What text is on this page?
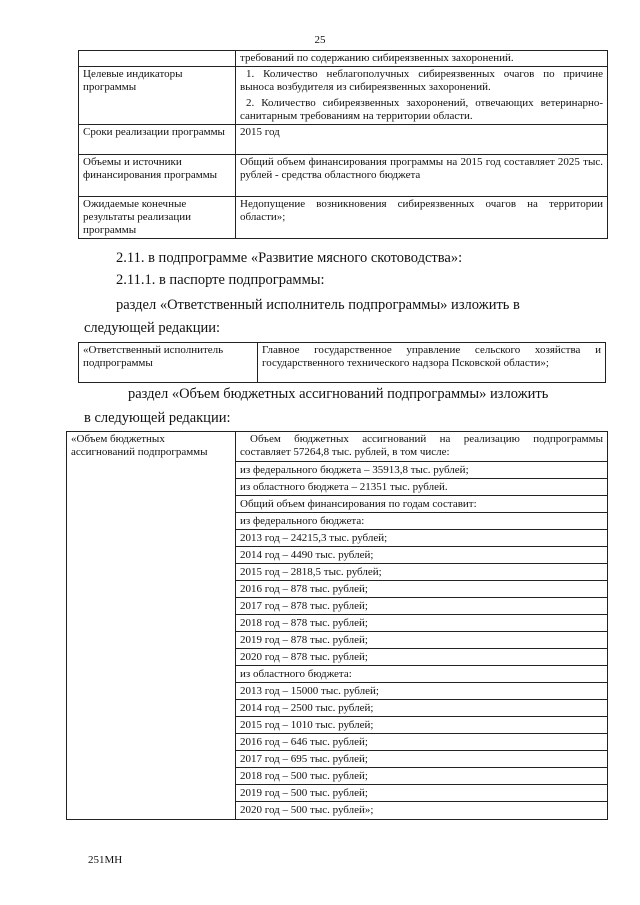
25
	требований по содержанию сибиреязвенных захоронений.
Целевые индикаторы программы	1. Количество неблагополучных сибиреязвенных очагов по причине выноса возбудителя из сибиреязвенных захоронений.
2. Количество сибиреязвенных захоронений, отвечающих ветеринарно-санитарным требованиям на территории области.

Сроки реализации программы	2015 год
Объемы и источники финансирования программы	Общий объем финансирования программы на 2015 год составляет 2025 тыс. рублей - средства областного бюджета
Ожидаемые конечные результаты реализации программы	Недопущение возникновения сибиреязвенных очагов на территории области»;
2.11. в подпрограмме «Развитие мясного скотоводства»:
2.11.1. в паспорте подпрограммы:
раздел «Ответственный исполнитель подпрограммы» изложить в
следующей редакции:
«Ответственный исполнитель подпрограммы	Главное государственное управление сельского хозяйства и государственного технического надзора Псковской области»;
раздел «Объем бюджетных ассигнований подпрограммы» изложить
в следующей редакции:
«Объем бюджетных ассигнований подпрограммы	
Объем бюджетных ассигнований на реализацию подпрограммы составляет 57264,8 тыс. рублей, в том числе:
из федерального бюджета – 35913,8 тыс. рублей;
из областного бюджета – 21351 тыс. рублей.
Общий объем финансирования по годам составит:
из федерального бюджета:
2013 год – 24215,3 тыс. рублей;
2014 год – 4490 тыс. рублей;
2015 год – 2818,5 тыс. рублей;
2016 год – 878 тыс. рублей;
2017 год – 878 тыс. рублей;
2018 год – 878 тыс. рублей;
2019 год – 878 тыс. рублей;
2020 год – 878 тыс. рублей;
из областного бюджета:
2013 год – 15000 тыс. рублей;
2014 год – 2500 тыс. рублей;
2015 год – 1010 тыс. рублей;
2016 год – 646 тыс. рублей;
2017 год – 695 тыс. рублей;
2018 год – 500 тыс. рублей;
2019 год – 500 тыс. рублей;
2020 год – 500 тыс. рублей»;
251МН
